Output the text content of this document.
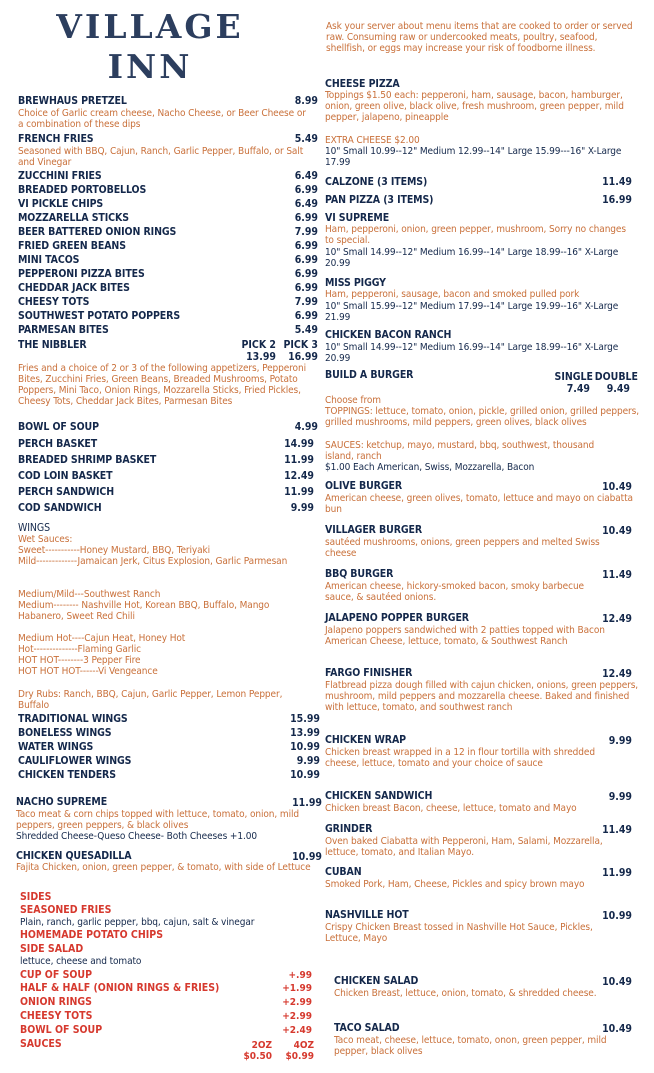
VILLAGE
INN
BREWHAUS PRETZEL	8.99
Choice of Garlic cream cheese, Nacho Cheese, or Beer Cheese or a combination of these dips
FRENCH FRIES	5.49
Seasoned with BBQ, Cajun, Ranch, Garlic Pepper, Buffalo, or Salt and Vinegar
ZUCCHINI FRIES	6.49
BREADED PORTOBELLOS	6.99
VI PICKLE CHIPS	6.49
MOZZARELLA STICKS	6.99
BEER BATTERED ONION RINGS	7.99
FRIED GREEN BEANS	6.99
MINI TACOS	6.99
PEPPERONI PIZZA BITES	6.99
CHEDDAR JACK BITES	6.99
CHEESY TOTS	7.99
SOUTHWEST POTATO POPPERS	6.99
PARMESAN BITES	5.49
THE NIBBLER	PICK 2 PICK 3
13.99	16.99
Fries and a choice of 2 or 3 of the following appetizers, Pepperoni Bites, Zucchini Fries, Green Beans, Breaded Mushrooms, Potato Poppers, Mini Taco, Onion Rings, Mozzarella Sticks, Fried Pickles, Cheesy Tots, Cheddar Jack Bites, Parmesan Bites
BOWL OF SOUP	4.99
PERCH BASKET	14.99
BREADED SHRIMP BASKET	11.99
COD LOIN BASKET	12.49
PERCH SANDWICH	11.99
COD SANDWICH	9.99
WINGS
Wet Sauces:
Sweet-----------Honey Mustard, BBQ, Teriyaki
Mild-------------Jamaican Jerk, Citus Explosion, Garlic Parmesan
Medium/Mild---Southwest Ranch
Medium-------- Nashville Hot, Korean BBQ, Buffalo, Mango Habanero, Sweet Red Chili
Medium Hot----Cajun Heat, Honey Hot
Hot--------------Flaming Garlic
HOT HOT--------3 Pepper Fire
HOT HOT HOT------Vi Vengeance
Dry Rubs: Ranch, BBQ, Cajun, Garlic Pepper, Lemon Pepper, Buffalo
TRADITIONAL WINGS	15.99
BONELESS WINGS	13.99
WATER WINGS	10.99
CAULIFLOWER WINGS	9.99
CHICKEN TENDERS	10.99
NACHO SUPREME	11.99
Taco meat & corn chips topped with lettuce, tomato, onion, mild peppers, green peppers, & black olives
Shredded Cheese-Queso Cheese- Both Cheeses +1.00
CHICKEN QUESADILLA	10.99
Fajita Chicken, onion, green pepper, & tomato, with side of Lettuce
SIDES
SEASONED FRIES
Plain, ranch, garlic pepper, bbq, cajun, salt & vinegar
HOMEMADE POTATO CHIPS
SIDE SALAD
lettuce, cheese and tomato
CUP OF SOUP	+.99
HALF & HALF (ONION RINGS & FRIES)	+1.99
ONION RINGS	+2.99
CHEESY TOTS	+2.99
BOWL OF SOUP	+2.49
SAUCES	2OZ	4OZ
$0.50	$0.99
Ask your server about menu items that are cooked to order or served raw. Consuming raw or undercooked meats, poultry, seafood, shellfish, or eggs may increase your risk of foodborne illness.
CHEESE PIZZA
Toppings $1.50 each: pepperoni, ham, sausage, bacon, hamburger, onion, green olive, black olive, fresh mushroom, green pepper, mild pepper, jalapeno, pineapple
EXTRA CHEESE $2.00
10" Small 10.99--12" Medium 12.99--14" Large 15.99---16" X-Large 17.99
CALZONE (3 ITEMS)	11.49
PAN PIZZA (3 ITEMS)	16.99
VI SUPREME
Ham, pepperoni, onion, green pepper, mushroom, Sorry no changes to special.
10" Small 14.99--12" Medium 16.99--14" Large 18.99--16" X-Large 20.99
MISS PIGGY
Ham, pepperoni, sausage, bacon and smoked pulled pork
10" Small 15.99--12" Medium 17.99--14" Large 19.99--16" X-Large 21.99
CHICKEN BACON RANCH
10" Small 14.99--12" Medium 16.99--14" Large 18.99--16" X-Large 20.99
BUILD A BURGER	SINGLE DOUBLE
7.49	9.49
Choose from
TOPPINGS: lettuce, tomato, onion, pickle, grilled onion, grilled peppers, grilled mushrooms, mild peppers, green olives, black olives
SAUCES: ketchup, mayo, mustard, bbq, southwest, thousand island, ranch
$1.00 Each American, Swiss, Mozzarella, Bacon
OLIVE BURGER	10.49
American cheese, green olives, tomato, lettuce and mayo on ciabatta bun
VILLAGER BURGER	10.49
sautéed mushrooms, onions, green peppers and melted Swiss cheese
BBQ BURGER	11.49
American cheese, hickory-smoked bacon, smoky barbecue sauce, & sautéed onions.
JALAPENO POPPER BURGER	12.49
Jalapeno poppers sandwiched with 2 patties topped with Bacon American Cheese, lettuce, tomato, & Southwest Ranch
FARGO FINISHER	12.49
Flatbread pizza dough filled with cajun chicken, onions, green peppers, mushroom, mild peppers and mozzarella cheese. Baked and finished with lettuce, tomato, and southwest ranch
CHICKEN WRAP	9.99
Chicken breast wrapped in a 12 in flour tortilla with shredded cheese, lettuce, tomato and your choice of sauce
CHICKEN SANDWICH	9.99
Chicken breast Bacon, cheese, lettuce, tomato and Mayo
GRINDER	11.49
Oven baked Ciabatta with Pepperoni, Ham, Salami, Mozzarella, lettuce, tomato, and Italian Mayo.
CUBAN	11.99
Smoked Pork, Ham, Cheese, Pickles and spicy brown mayo
NASHVILLE HOT	10.99
Crispy Chicken Breast tossed in Nashville Hot Sauce, Pickles, Lettuce, Mayo
CHICKEN SALAD	10.49
Chicken Breast, lettuce, onion, tomato, & shredded cheese.
TACO SALAD	10.49
Taco meat, cheese, lettuce, tomato, onon, green pepper, mild pepper, black olives
